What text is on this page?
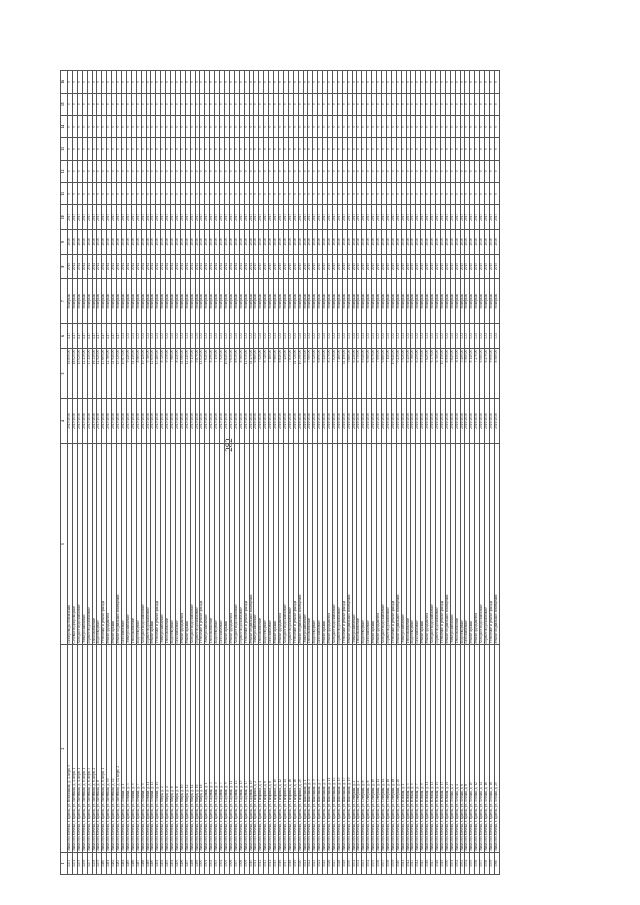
282
1	2	3	4	5	6	7	8	9	10	11	12	13	14	15	16
1473	Ямал.обл.Мечтка, г. Братск, ул. Вокзальная, д. 4, корп. 5	Газопроводы Вокзальная	2015-2016	16 850,00	4.17	Ноябрьск	2015	2016	2017	0	0	0	0	0	0
1474	Ямал.обл.Мечтка, г. Братск, ул. Литейная, д. 4, корп. 1	Сетевые водопроводные	2015-2016	18 025,00	4.17	Ноябрьск	2014	2016	2017	0	0	0	0	0	0
1475	Ямал.обл.Мечтка, г. Братск, ул. Литейная, д. 4, корп. 1	Холодное водоснабжение	2015-2016	15 020,00	4.17	Ноябрьск	2014	2016	2017	0	0	0	0	0	0
1476	Ямал.обл.Мечтка, г. Братск, ул. Литейная, д. 6, корп. 1	Электроснабжение	2015-2016	12 430,00	4.17	Ноябрьск	2014	2016	2017	0	0	0	0	0	0
1477	Ямал.обл.Мечтка, г. Братск, ул. Литейная, д. 6, корп. 3	Горячее водоснабжение	2015-2016	17 410,00	4.17	Ноябрьск	2014	2016	2017	0	0	0	0	0	0
1478	Ямал.обл.Мечтка, г. Братск, ул. Литейная, д. 6, корп. 4	Теплоснабжение	2015-2016	16 310,00	4.17	Ноябрьск	2014	2016	2017	0	0	0	0	0	0
1479	Ямал.обл.Мечтка, г. Братск, ул. Литейная, д. 8	Водоотведение	2015-2016	14 920,00	4.17	Ноябрьск	2014	2016	2017	0	0	0	0	0	0
1480	Ямал.обл.Мечтка, г. Братск, ул. Литейная, д. 8, корп. 1	Утепление и ремонт фасада	2015-2016	13 605,00	4.17	Ноябрьск	2014	2016	2017	0	0	0	0	0	0
1481	Ямал.обл.Мечтка, г. Братск, ул. Литейная, д. 10	Ремонт фундамента	2015-2016	12 780,00	4.17	Ноябрьск	2014	2016	2017	0	0	0	0	0	0
1482	Ямал.обл.Мечтка, г. Братск, ул. Литейная, д. 12	Ремонт крыши	2015-2016	11 940,00	4.17	Ноябрьск	2014	2016	2017	0	0	0	0	0	0
1483	Ямал.обл.Мечтка, г. Братск, ул. Литейная, д. 14, корп. 2	Ремонт подвальных помещений	2015-2016	15 320,00	4.17	Ноябрьск	2014	2016	2017	0	0	0	0	0	0
1484	Ямал.обл.Мечтка, г. Братск, ул. Ленина, д. 1	Газоснабжение	2015-2016	10 875,00	3.33	Ноябрьск	2014	2016	2017	0	0	0	0	0	0
1485	Ямал.обл.Мечтка, г. Братск, ул. Ленина, д. 3	Электроснабжение	2015-2016	9 440,00	3.33	Ноябрьск	2014	2016	2017	0	0	0	0	0	0
1486	Ямал.обл.Мечтка, г. Братск, ул. Ленина, д. 5	Теплоснабжение	2015-2016	11 210,00	3.33	Ноябрьск	2014	2016	2017	0	0	0	0	0	0
1487	Ямал.обл.Мечтка, г. Братск, ул. Ленина, д. 7	Водоотведение	2015-2016	8 960,00	3.33	Ноябрьск	2014	2016	2017	0	0	0	0	0	0
1488	Ямал.обл.Мечтка, г. Братск, ул. Ленина, д. 9	Холодное водоснабжение	2015-2016	10 120,00	3.33	Ноябрьск	2014	2016	2017	0	0	0	0	0	0
1489	Ямал.обл.Мечтка, г. Братск, ул. Ленина, д. 11	Горячее водоснабжение	2015-2016	9 780,00	3.33	Ноябрьск	2014	2016	2017	0	0	0	0	0	0
1490	Ямал.обл.Мечтка, г. Братск, ул. Ленина, д. 13	Ремонт крыши	2015-2016	12 650,00	3.33	Ноябрьск	2014	2016	2017	0	0	0	0	0	0
1491	Ямал.обл.Мечтка, г. Братск, ул. Ленина, д. 15	Утепление и ремонт фасада	2015-2016	13 480,00	3.33	Ноябрьск	2014	2016	2017	0	0	0	0	0	0
1492	Ямал.обл.Мечтка, г. Братск, ул. Мира, д. 2	Электроснабжение	2015-2016	8 720,00	3.33	Ноябрьск	2014	2016	2017	0	0	0	0	0	0
1493	Ямал.обл.Мечтка, г. Братск, ул. Мира, д. 4	Теплоснабжение	2015-2016	9 350,00	3.33	Ноябрьск	2014	2016	2017	0	0	0	0	0	0
1494	Ямал.обл.Мечтка, г. Братск, ул. Мира, д. 6	Водоотведение	2015-2016	7 980,00	3.33	Ноябрьск	2014	2016	2017	0	0	0	0	0	0
1495	Ямал.обл.Мечтка, г. Братск, ул. Мира, д. 8	Газоснабжение	2015-2016	8 410,00	3.33	Ноябрьск	2014	2016	2017	0	0	0	0	0	0
1496	Ямал.обл.Мечтка, г. Братск, ул. Мира, д. 10	Ремонт фундамента	2015-2016	11 060,00	3.33	Ноябрьск	2014	2016	2017	0	0	0	0	0	0
1497	Ямал.обл.Мечтка, г. Братск, ул. Мира, д. 12	Ремонт крыши	2015-2016	12 240,00	3.33	Ноябрьск	2014	2016	2017	0	0	0	0	0	0
1498	Ямал.обл.Мечтка, г. Братск, ул. Мира, д. 14	Холодное водоснабжение	2015-2016	9 130,00	3.33	Ноябрьск	2014	2016	2017	0	0	0	0	0	0
1499	Ямал.обл.Мечтка, г. Братск, ул. Мира, д. 16	Горячее водоснабжение	2015-2016	9 870,00	3.33	Ноябрьск	2014	2016	2017	0	0	0	0	0	0
1500	Ямал.обл.Мечтка, г. Братск, ул. Мира, д. 18	Утепление и ремонт фасада	2015-2016	14 020,00	3.33	Ноябрьск	2014	2016	2017	0	0	0	0	0	0
1501	Ямал.обл.Мечтка, г. Братск, ул. Садовая, д. 1	Электроснабжение	2015-2016	7 640,00	3.33	Ноябрьск	2014	2016	2017	0	0	0	0	0	0
1502	Ямал.обл.Мечтка, г. Братск, ул. Садовая, д. 3	Теплоснабжение	2015-2016	8 290,00	3.33	Ноябрьск	2014	2016	2017	0	0	0	0	0	0
1503	Ямал.обл.Мечтка, г. Братск, ул. Садовая, д. 5	Водоотведение	2015-2016	7 150,00	3.33	Ноябрьск	2014	2016	2017	0	0	0	0	0	0
1504	Ямал.обл.Мечтка, г. Братск, ул. Садовая, д. 7	Газоснабжение	2015-2016	7 920,00	3.33	Ноябрьск	2014	2016	2017	0	0	0	0	0	0
1505	Ямал.обл.Мечтка, г. Братск, ул. Садовая, д. 9	Ремонт крыши	2015-2016	10 840,00	3.33	Ноябрьск	2014	2016	2017	0	0	0	0	0	0
1506	Ямал.обл.Мечтка, г. Братск, ул. Садовая, д. 11	Ремонт фундамента	2015-2016	9 610,00	3.33	Ноябрьск	2014	2016	2017	0	0	0	0	0	0
1507	Ямал.обл.Мечтка, г. Братск, ул. Садовая, д. 13	Холодное водоснабжение	2015-2016	8 030,00	3.33	Ноябрьск	2014	2016	2017	0	0	0	0	0	0
1508	Ямал.обл.Мечтка, г. Братск, ул. Садовая, д. 15	Горячее водоснабжение	2015-2016	8 560,00	3.33	Ноябрьск	2014	2016	2017	0	0	0	0	0	0
1509	Ямал.обл.Мечтка, г. Братск, ул. Садовая, д. 17	Утепление и ремонт фасада	2015-2016	12 930,00	3.33	Ноябрьск	2014	2016	2017	0	0	0	0	0	0
1510	Ямал.обл.Мечтка, г. Братск, ул. Садовая, д. 19	Ремонт подвальных помещений	2015-2016	11 470,00	3.33	Ноябрьск	2014	2016	2017	0	0	0	0	0	0
1511	Ямал.обл.Мечтка, г. Братск, ул. Гагарина, д. 2	Электроснабжение	2016-2016	6 980,00	3.33	Ноябрьск	2015	2016	2017	0	0	0	0	0	0
1512	Ямал.обл.Мечтка, г. Братск, ул. Гагарина, д. 4	Теплоснабжение	2016-2016	7 520,00	3.33	Ноябрьск	2015	2016	2017	0	0	0	0	0	0
1513	Ямал.обл.Мечтка, г. Братск, ул. Гагарина, д. 6	Водоотведение	2016-2016	6 740,00	3.33	Ноябрьск	2015	2016	2017	0	0	0	0	0	0
1514	Ямал.обл.Мечтка, г. Братск, ул. Гагарина, д. 8	Газоснабжение	2016-2016	7 180,00	3.33	Ноябрьск	2015	2016	2017	0	0	0	0	0	0
1515	Ямал.обл.Мечтка, г. Братск, ул. Гагарина, д. 10	Ремонт крыши	2016-2016	9 960,00	3.33	Ноябрьск	2015	2016	2017	0	0	0	0	0	0
1516	Ямал.обл.Мечтка, г. Братск, ул. Гагарина, д. 12	Ремонт фундамента	2016-2016	8 840,00	3.33	Ноябрьск	2015	2016	2017	0	0	0	0	0	0
1517	Ямал.обл.Мечтка, г. Братск, ул. Гагарина, д. 14	Холодное водоснабжение	2016-2016	7 410,00	3.33	Ноябрьск	2015	2016	2017	0	0	0	0	0	0
1518	Ямал.обл.Мечтка, г. Братск, ул. Гагарина, д. 16	Горячее водоснабжение	2016-2016	7 830,00	3.33	Ноябрьск	2015	2016	2017	0	0	0	0	0	0
1519	Ямал.обл.Мечтка, г. Братск, ул. Гагарина, д. 18	Утепление и ремонт фасада	2016-2016	11 720,00	3.33	Ноябрьск	2015	2016	2017	0	0	0	0	0	0
1520	Ямал.обл.Мечтка, г. Братск, ул. Гагарина, д. 20	Ремонт подвальных помещений	2016-2016	10 390,00	3.33	Ноябрьск	2015	2016	2017	0	0	0	0	0	0
1521	Ямал.обл.Мечтка, г. Братск, ул. Школьная, д. 1	Электроснабжение	2016-2016	6 550,00	3.33	Ноябрьск	2015	2016	2017	0	0	0	0	0	0
1522	Ямал.обл.Мечтка, г. Братск, ул. Школьная, д. 3	Теплоснабжение	2016-2016	7 060,00	3.33	Ноябрьск	2015	2016	2017	0	0	0	0	0	0
1523	Ямал.обл.Мечтка, г. Братск, ул. Школьная, д. 5	Водоотведение	2016-2016	6 320,00	3.33	Ноябрьск	2015	2016	2017	0	0	0	0	0	0
1524	Ямал.обл.Мечтка, г. Братск, ул. Школьная, д. 7	Газоснабжение	2016-2016	6 890,00	3.33	Ноябрьск	2015	2016	2017	0	0	0	0	0	0
1525	Ямал.обл.Мечтка, г. Братск, ул. Школьная, д. 9	Ремонт крыши	2016-2016	9 410,00	3.33	Ноябрьск	2015	2016	2017	0	0	0	0	0	0
1526	Ямал.обл.Мечтка, г. Братск, ул. Школьная, д. 11	Ремонт фундамента	2016-2016	8 370,00	3.33	Ноябрьск	2015	2016	2017	0	0	0	0	0	0
1527	Ямал.обл.Мечтка, г. Братск, ул. Школьная, д. 13	Холодное водоснабжение	2016-2016	7 020,00	3.33	Ноябрьск	2015	2016	2017	0	0	0	0	0	0
1528	Ямал.обл.Мечтка, г. Братск, ул. Школьная, д. 15	Горячее водоснабжение	2016-2016	7 460,00	3.33	Ноябрьск	2015	2016	2017	0	0	0	0	0	0
1529	Ямал.обл.Мечтка, г. Братск, ул. Школьная, д. 17	Утепление и ремонт фасада	2016-2016	11 150,00	3.33	Ноябрьск	2015	2016	2017	0	0	0	0	0	0
1530	Ямал.обл.Мечтка, г. Братск, ул. Школьная, д. 19	Ремонт подвальных помещений	2016-2016	9 880,00	3.33	Ноябрьск	2015	2016	2017	0	0	0	0	0	0
1531	Ямал.обл.Мечтка, г. Братск, ул. Северная, д. 2	Электроснабжение	2016-2016	6 210,00	3.33	Ноябрьск	2015	2016	2017	0	0	0	0	0	0
1532	Ямал.обл.Мечтка, г. Братск, ул. Северная, д. 4	Теплоснабжение	2016-2016	6 730,00	3.33	Ноябрьск	2015	2016	2017	0	0	0	0	0	0
1533	Ямал.обл.Мечтка, г. Братск, ул. Северная, д. 6	Водоотведение	2016-2016	6 040,00	3.33	Ноябрьск	2015	2016	2017	0	0	0	0	0	0
1534	Ямал.обл.Мечтка, г. Братск, ул. Северная, д. 8	Газоснабжение	2016-2016	6 560,00	3.33	Ноябрьск	2015	2016	2017	0	0	0	0	0	0
1535	Ямал.обл.Мечтка, г. Братск, ул. Северная, д. 10	Ремонт крыши	2016-2016	8 970,00	3.33	Ноябрьск	2015	2016	2017	0	0	0	0	0	0
1536	Ямал.обл.Мечтка, г. Братск, ул. Северная, д. 12	Ремонт фундамента	2016-2016	7 990,00	3.33	Ноябрьск	2015	2016	2017	0	0	0	0	0	0
1537	Ямал.обл.Мечтка, г. Братск, ул. Северная, д. 14	Холодное водоснабжение	2016-2016	6 680,00	3.33	Ноябрьск	2015	2016	2017	0	0	0	0	0	0
1538	Ямал.обл.Мечтка, г. Братск, ул. Северная, д. 16	Горячее водоснабжение	2016-2016	7 110,00	3.33	Ноябрьск	2015	2016	2017	0	0	0	0	0	0
1539	Ямал.обл.Мечтка, г. Братск, ул. Северная, д. 18	Утепление и ремонт фасада	2016-2016	10 640,00	3.33	Ноябрьск	2015	2016	2017	0	0	0	0	0	0
1540	Ямал.обл.Мечтка, г. Братск, ул. Северная, д. 20	Ремонт подвальных помещений	2016-2016	9 430,00	3.33	Ноябрьск	2015	2016	2017	0	0	0	0	0	0
1541	Ямал.обл.Мечтка, г. Братск, ул. Южная, д. 1	Электроснабжение	2016-2016	5 920,00	3.33	Ноябрьск	2015	2016	2017	0	0	0	0	0	0
1542	Ямал.обл.Мечтка, г. Братск, ул. Южная, д. 3	Теплоснабжение	2016-2016	6 410,00	3.33	Ноябрьск	2015	2016	2017	0	0	0	0	0	0
1543	Ямал.обл.Мечтка, г. Братск, ул. Южная, д. 5	Водоотведение	2016-2016	5 760,00	3.33	Ноябрьск	2015	2016	2017	0	0	0	0	0	0
1544	Ямал.обл.Мечтка, г. Братск, ул. Южная, д. 7	Газоснабжение	2016-2016	6 250,00	3.33	Ноябрьск	2015	2016	2017	0	0	0	0	0	0
1545	Ямал.обл.Мечтка, г. Братск, ул. Южная, д. 9	Ремонт крыши	2016-2016	8 530,00	3.33	Ноябрьск	2015	2016	2017	0	0	0	0	0	0
1546	Ямал.обл.Мечтка, г. Братск, ул. Южная, д. 11	Ремонт фундамента	2016-2016	7 620,00	3.33	Ноябрьск	2015	2016	2017	0	0	0	0	0	0
1547	Ямал.обл.Мечтка, г. Братск, ул. Южная, д. 13	Холодное водоснабжение	2016-2016	6 370,00	3.33	Ноябрьск	2015	2016	2017	0	0	0	0	0	0
1548	Ямал.обл.Мечтка, г. Братск, ул. Южная, д. 15	Горячее водоснабжение	2016-2016	6 780,00	3.33	Ноябрьск	2015	2016	2017	0	0	0	0	0	0
1549	Ямал.обл.Мечтка, г. Братск, ул. Южная, д. 17	Утепление и ремонт фасада	2016-2016	10 150,00	3.33	Ноябрьск	2015	2016	2017	0	0	0	0	0	0
1550	Ямал.обл.Мечтка, г. Братск, ул. Южная, д. 19	Ремонт подвальных помещений	2016-2016	8 990,00	3.33	Ноябрьск	2015	2016	2017	0	0	0	0	0	0
1551	Ямал.обл.Мечтка, г. Братск, ул. Лесная, д. 2	Электроснабжение	2016-2016	5 640,00	3.33	Ноябрьск	2015	2016	2017	0	0	0	0	0	0
1552	Ямал.обл.Мечтка, г. Братск, ул. Лесная, д. 4	Теплоснабжение	2016-2016	6 110,00	3.33	Ноябрьск	2015	2016	2017	0	0	0	0	0	0
1553	Ямал.обл.Мечтка, г. Братск, ул. Лесная, д. 6	Водоотведение	2016-2016	5 490,00	3.33	Ноябрьск	2015	2016	2017	0	0	0	0	0	0
1554	Ямал.обл.Мечтка, г. Братск, ул. Лесная, д. 8	Газоснабжение	2016-2016	5 960,00	3.33	Ноябрьск	2015	2016	2017	0	0	0	0	0	0
1555	Ямал.обл.Мечтка, г. Братск, ул. Лесная, д. 10	Ремонт крыши	2016-2016	8 140,00	3.33	Ноябрьск	2015	2016	2017	0	0	0	0	0	0
1556	Ямал.обл.Мечтка, г. Братск, ул. Лесная, д. 12	Ремонт фундамента	2016-2016	7 270,00	3.33	Ноябрьск	2015	2016	2017	0	0	0	0	0	0
1557	Ямал.обл.Мечтка, г. Братск, ул. Лесная, д. 14	Холодное водоснабжение	2016-2016	6 080,00	3.33	Ноябрьск	2015	2016	2017	0	0	0	0	0	0
1558	Ямал.обл.Мечтка, г. Братск, ул. Лесная, д. 16	Горячее водоснабжение	2016-2016	6 470,00	3.33	Ноябрьск	2015	2016	2017	0	0	0	0	0	0
1559	Ямал.обл.Мечтка, г. Братск, ул. Лесная, д. 18	Утепление и ремонт фасада	2016-2016	9 690,00	3.33	Ноябрьск	2015	2016	2017	0	0	0	0	0	0
1560	Ямал.обл.Мечтка, г. Братск, ул. Лесная, д. 20	Ремонт подвальных помещений	2016-2016	8 580,00	3.33	Ноябрьск	2015	2016	2017	0	0	0	0	0	0
